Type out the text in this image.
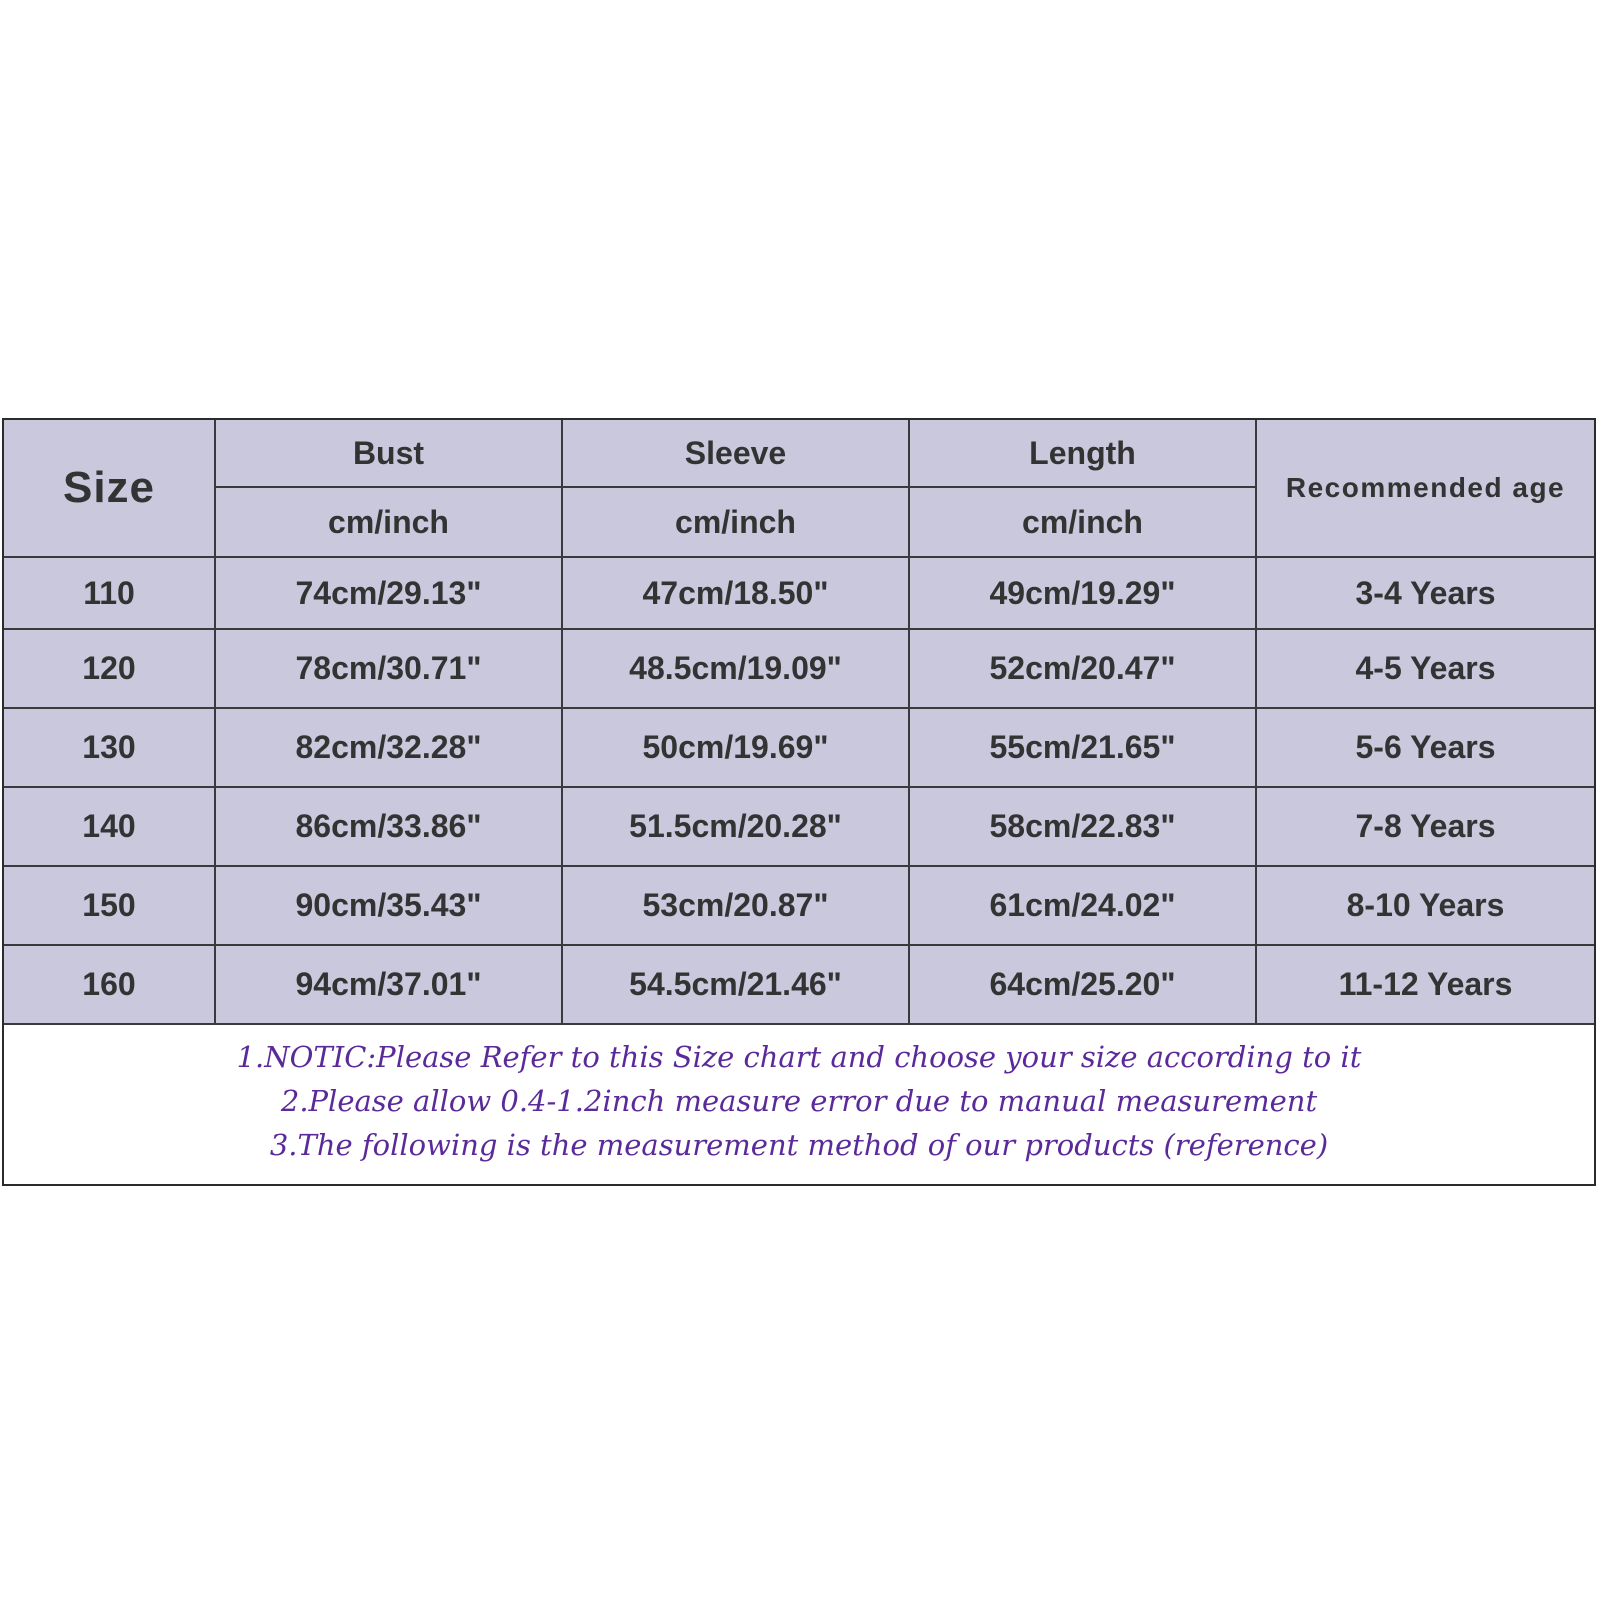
Size	Bust	Sleeve	Length	Recommended age
	cm/inch	cm/inch	cm/inch	
110	74cm/29.13"	47cm/18.50"	49cm/19.29"	3-4 Years
120	78cm/30.71"	48.5cm/19.09"	52cm/20.47"	4-5 Years
130	82cm/32.28"	50cm/19.69"	55cm/21.65"	5-6 Years
140	86cm/33.86"	51.5cm/20.28"	58cm/22.83"	7-8 Years
150	90cm/35.43"	53cm/20.87"	61cm/24.02"	8-10 Years
160	94cm/37.01"	54.5cm/21.46"	64cm/25.20"	11-12 Years
1.NOTIC:Please Refer to this Size chart and choose your size according to it
2.Please allow 0.4-1.2inch measure error due to manual measurement
3.The following is the measurement method of our products (reference)
